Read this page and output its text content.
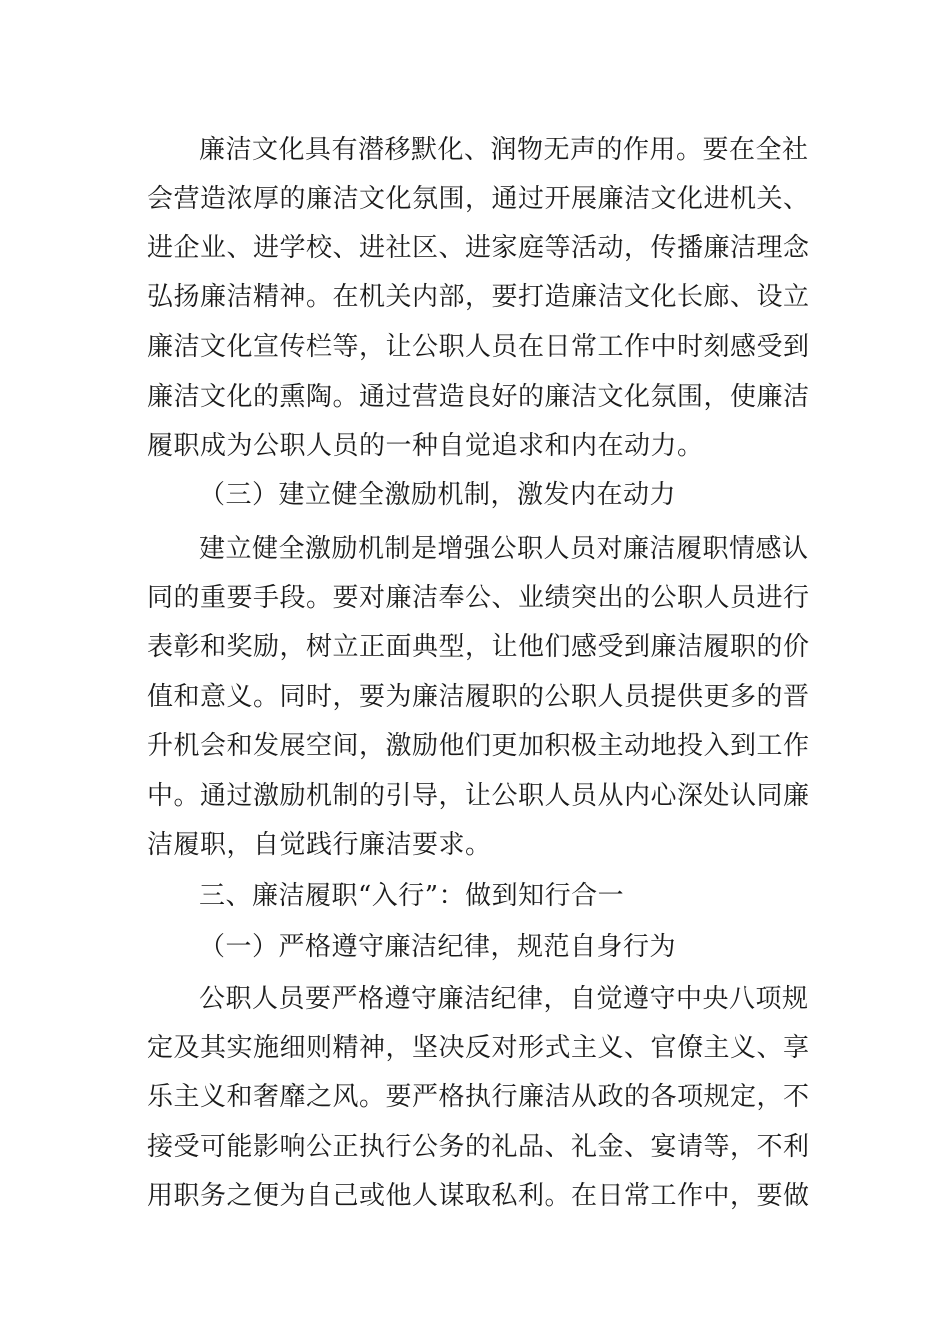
廉洁文化具有潜移默化、润物无声的作用。要在全社
会营造浓厚的廉洁文化氛围，通过开展廉洁文化进机关、
进企业、进学校、进社区、进家庭等活动，传播廉洁理念
弘扬廉洁精神。在机关内部，要打造廉洁文化长廊、设立
廉洁文化宣传栏等，让公职人员在日常工作中时刻感受到
廉洁文化的熏陶。通过营造良好的廉洁文化氛围，使廉洁
履职成为公职人员的一种自觉追求和内在动力。
（三）建立健全激励机制，激发内在动力
建立健全激励机制是增强公职人员对廉洁履职情感认
同的重要手段。要对廉洁奉公、业绩突出的公职人员进行
表彰和奖励，树立正面典型，让他们感受到廉洁履职的价
值和意义。同时，要为廉洁履职的公职人员提供更多的晋
升机会和发展空间，激励他们更加积极主动地投入到工作
中。通过激励机制的引导，让公职人员从内心深处认同廉
洁履职，自觉践行廉洁要求。
三、廉洁履职“入行”：做到知行合一
（一）严格遵守廉洁纪律，规范自身行为
公职人员要严格遵守廉洁纪律，自觉遵守中央八项规
定及其实施细则精神，坚决反对形式主义、官僚主义、享
乐主义和奢靡之风。要严格执行廉洁从政的各项规定，不
接受可能影响公正执行公务的礼品、礼金、宴请等，不利
用职务之便为自己或他人谋取私利。在日常工作中，要做
